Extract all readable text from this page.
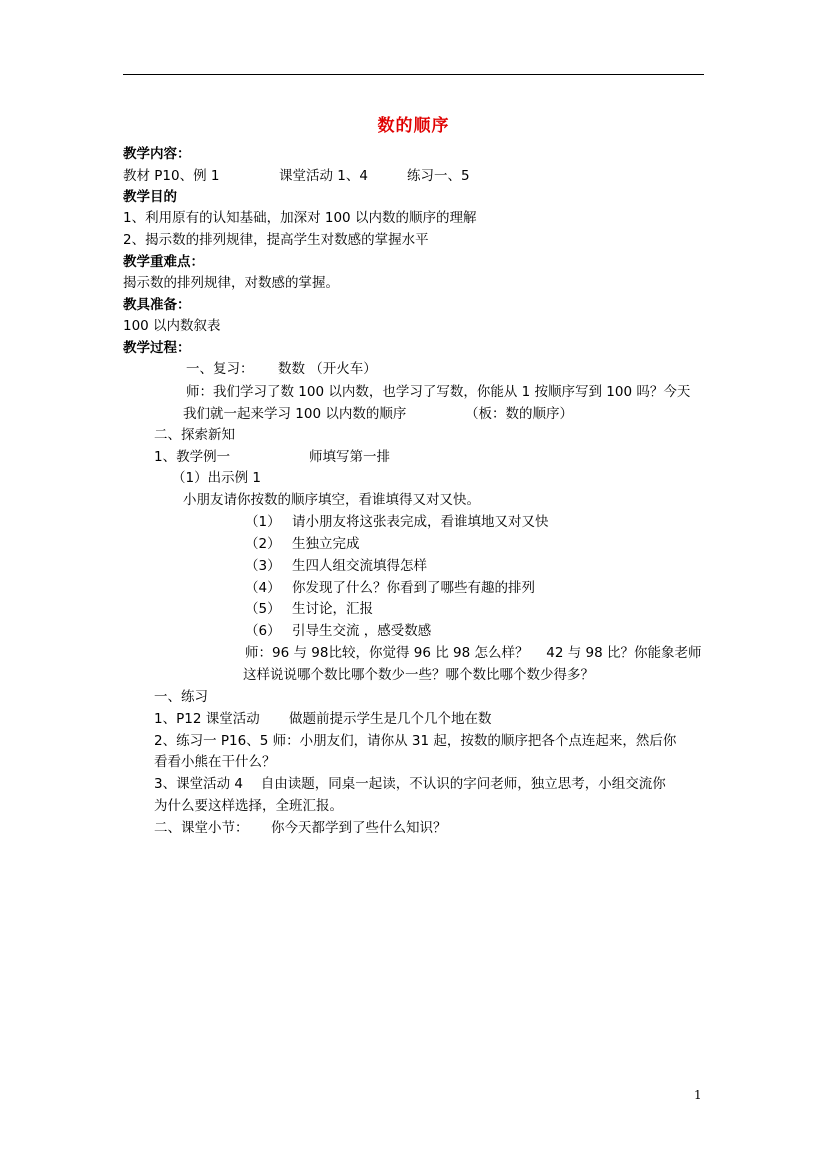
数的顺序
教学内容：
教材 P10、例 1	课堂活动 1、4	练习一、5
教学目的
1、利用原有的认知基础，加深对 100 以内数的顺序的理解
2、揭示数的排列规律，提高学生对数感的掌握水平
教学重难点：
揭示数的排列规律，对数感的掌握。
教具准备：
100 以内数叙表
教学过程：
一、复习： 数数 （开火车）
师：我们学习了数 100 以内数，也学习了写数，你能从 1 按顺序写到 100 吗？今天
我们就一起来学习 100 以内数的顺序	（板：数的顺序）
二、探索新知
1、教学例一	师填写第一排
（1）出示例 1
小朋友请你按数的顺序填空，看谁填得又对又快。
（1） 请小朋友将这张表完成，看谁填地又对又快
（2） 生独立完成
（3） 生四人组交流填得怎样
（4） 你发现了什么？你看到了哪些有趣的排列
（5） 生讨论，汇报
（6） 引导生交流 ，感受数感
师：96 与 98比较，你觉得 96 比 98 怎么样？　 42 与 98 比？你能象老师
这样说说哪个数比哪个数少一些？哪个数比哪个数少得多？
一、练习
1、P12 课堂活动 做题前提示学生是几个几个地在数
2、练习一 P16、5 师：小朋友们，请你从 31 起，按数的顺序把各个点连起来，然后你
看看小熊在干什么？
3、课堂活动 4　 自由读题，同桌一起读，不认识的字问老师，独立思考，小组交流你
为什么要这样选择，全班汇报。
二、课堂小节： 你今天都学到了些什么知识？
1
